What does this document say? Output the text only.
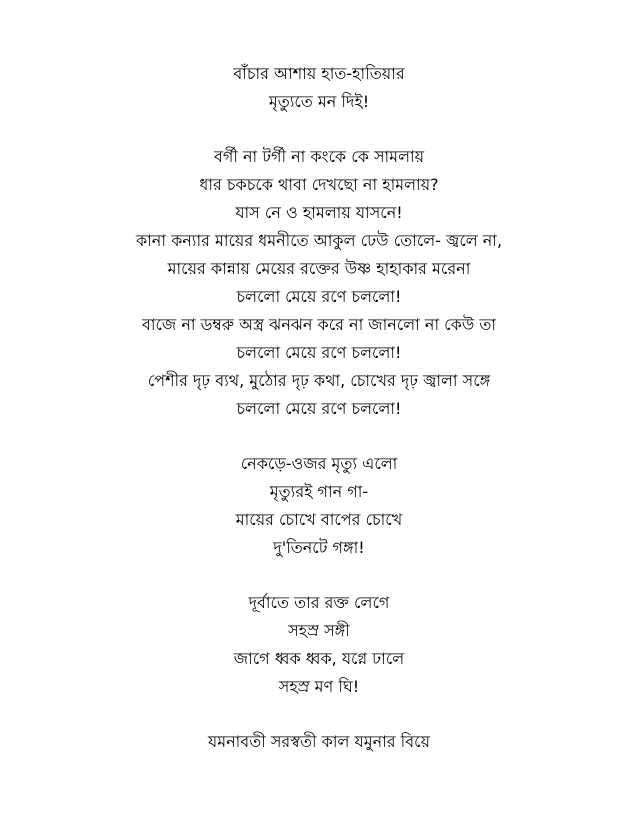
বাঁচার আশায় হাত-হাতিয়ার
মৃত্যুতে মন দিই!
বর্গী না টর্গী না কংকে কে সামলায়
ধার চকচকে থাবা দেখছো না হামলায়?
যাস নে ও হামলায় যাসনে!
কানা কন্যার মায়ের ধমনীতে আকুল ঢেউ তোলে- জ্বলে না,
মায়ের কান্নায় মেয়ের রক্তের উষ্ণ হাহাকার মরেনা
চললো মেয়ে রণে চললো!
বাজে না ডম্বরু অস্ত্র ঝনঝন করে না জানলো না কেউ তা
চললো মেয়ে রণে চললো!
পেশীর দৃঢ় ব্যথ, মুঠোর দৃঢ় কথা, চোখের দৃঢ় জ্বালা সঙ্গে
চললো মেয়ে রণে চললো!
নেকড়ে-ওজর মৃত্যু এলো
মৃত্যুরই গান গা-
মায়ের চোখে বাপের চোখে
দু'তিনটে গঙ্গা!
দূর্বাতে তার রক্ত লেগে
সহস্র সঙ্গী
জাগে ধ্বক ধ্বক, যগ্নে ঢালে
সহস্র মণ ঘি!
যমনাবতী সরস্বতী কাল যমুনার বিয়ে
